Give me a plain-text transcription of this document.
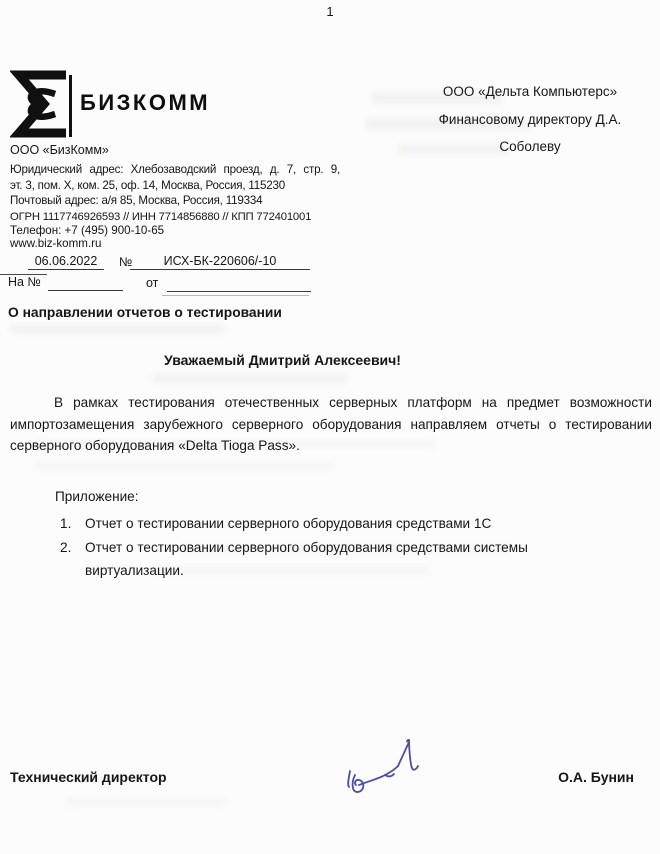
1
БИЗКОММ
ООО «БизКомм»
Юридический адрес: Хлебозаводский проезд, д. 7, стр. 9,
эт. 3, пом. Х, ком. 25, оф. 14, Москва, Россия, 115230
Почтовый адрес: а/я 85, Москва, Россия, 119334
ОГРН 1117746926593 // ИНН 7714856880 // КПП 772401001
Телефон: +7 (495) 900-10-65
www.biz-komm.ru
ООО «Дельта Компьютерс»
Финансовому директору Д.А.
Соболеву
06.06.2022	№	ИСХ-БК-220606/-10
На №	от
О направлении отчетов о тестировании
Уважаемый Дмитрий Алексеевич!
В рамках тестирования отечественных серверных платформ на предмет возможности импортозамещения зарубежного серверного оборудования направляем отчеты о тестировании серверного оборудования «Delta Tioga Pass».
Приложение:
Отчет о тестировании серверного оборудования средствами 1С
Отчет о тестировании серверного оборудования средствами системы виртуализации.
Технический директор	О.А. Бунин
